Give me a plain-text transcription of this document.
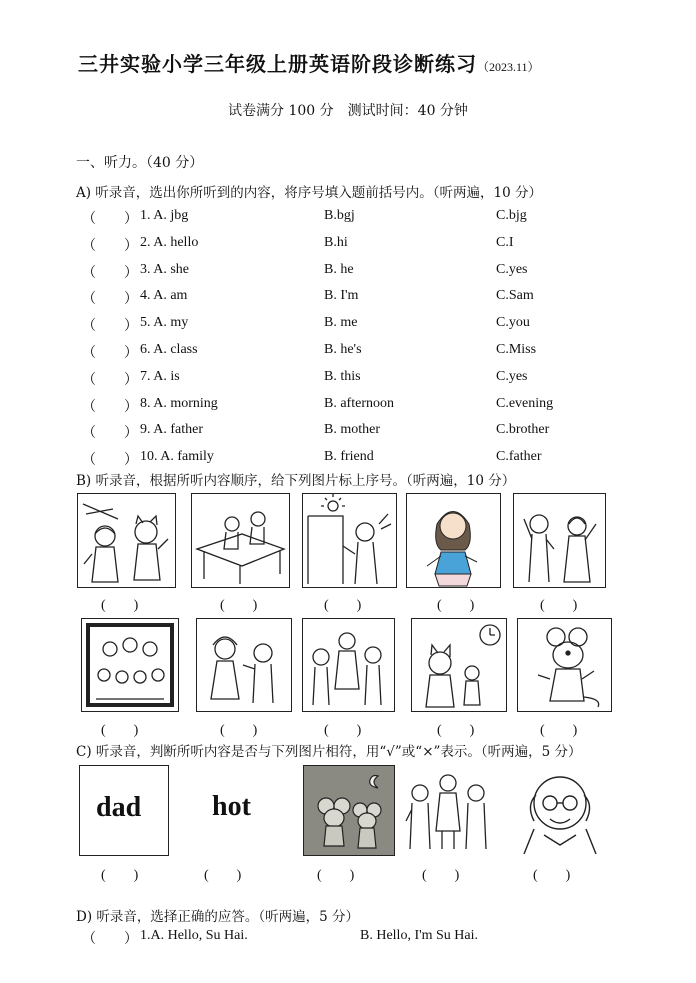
三井实验小学三年级上册英语阶段诊断练习（2023.11）
试卷满分 100 分　测试时间：40 分钟
一、听力。（40 分）
A) 听录音，选出你所听到的内容，将序号填入题前括号内。（听两遍，10 分）
（　　） 1. A. jbg	B.bgj	C.bjg
（　　） 2. A. hello	B.hi	C.I
（　　） 3. A. she	B. he	C.yes
（　　） 4. A. am	B. I'm	C.Sam
（　　） 5. A. my	B. me	C.you
（　　） 6. A. class	B. he's	C.Miss
（　　） 7. A. is	B. this	C.yes
（　　） 8. A. morning	B. afternoon	C.evening
（　　） 9. A. father	B. mother	C.brother
（　　） 10. A. family	B. friend	C.father
B) 听录音，根据所听内容顺序，给下列图片标上序号。（听两遍，10 分）
(　　)	(　　)	(　　)	(　　)	(　　)
(　　)	(　　)	(　　)	(　　)	(　　)
C) 听录音，判断所听内容是否与下列图片相符，用“√”或“×”表示。（听两遍，5 分）
dad	hot
(　　)	(　　)	(　　)	(　　)	(　　)
D) 听录音，选择正确的应答。（听两遍，5 分）
（　　） 1.A. Hello, Su Hai.	B. Hello, I'm Su Hai.
